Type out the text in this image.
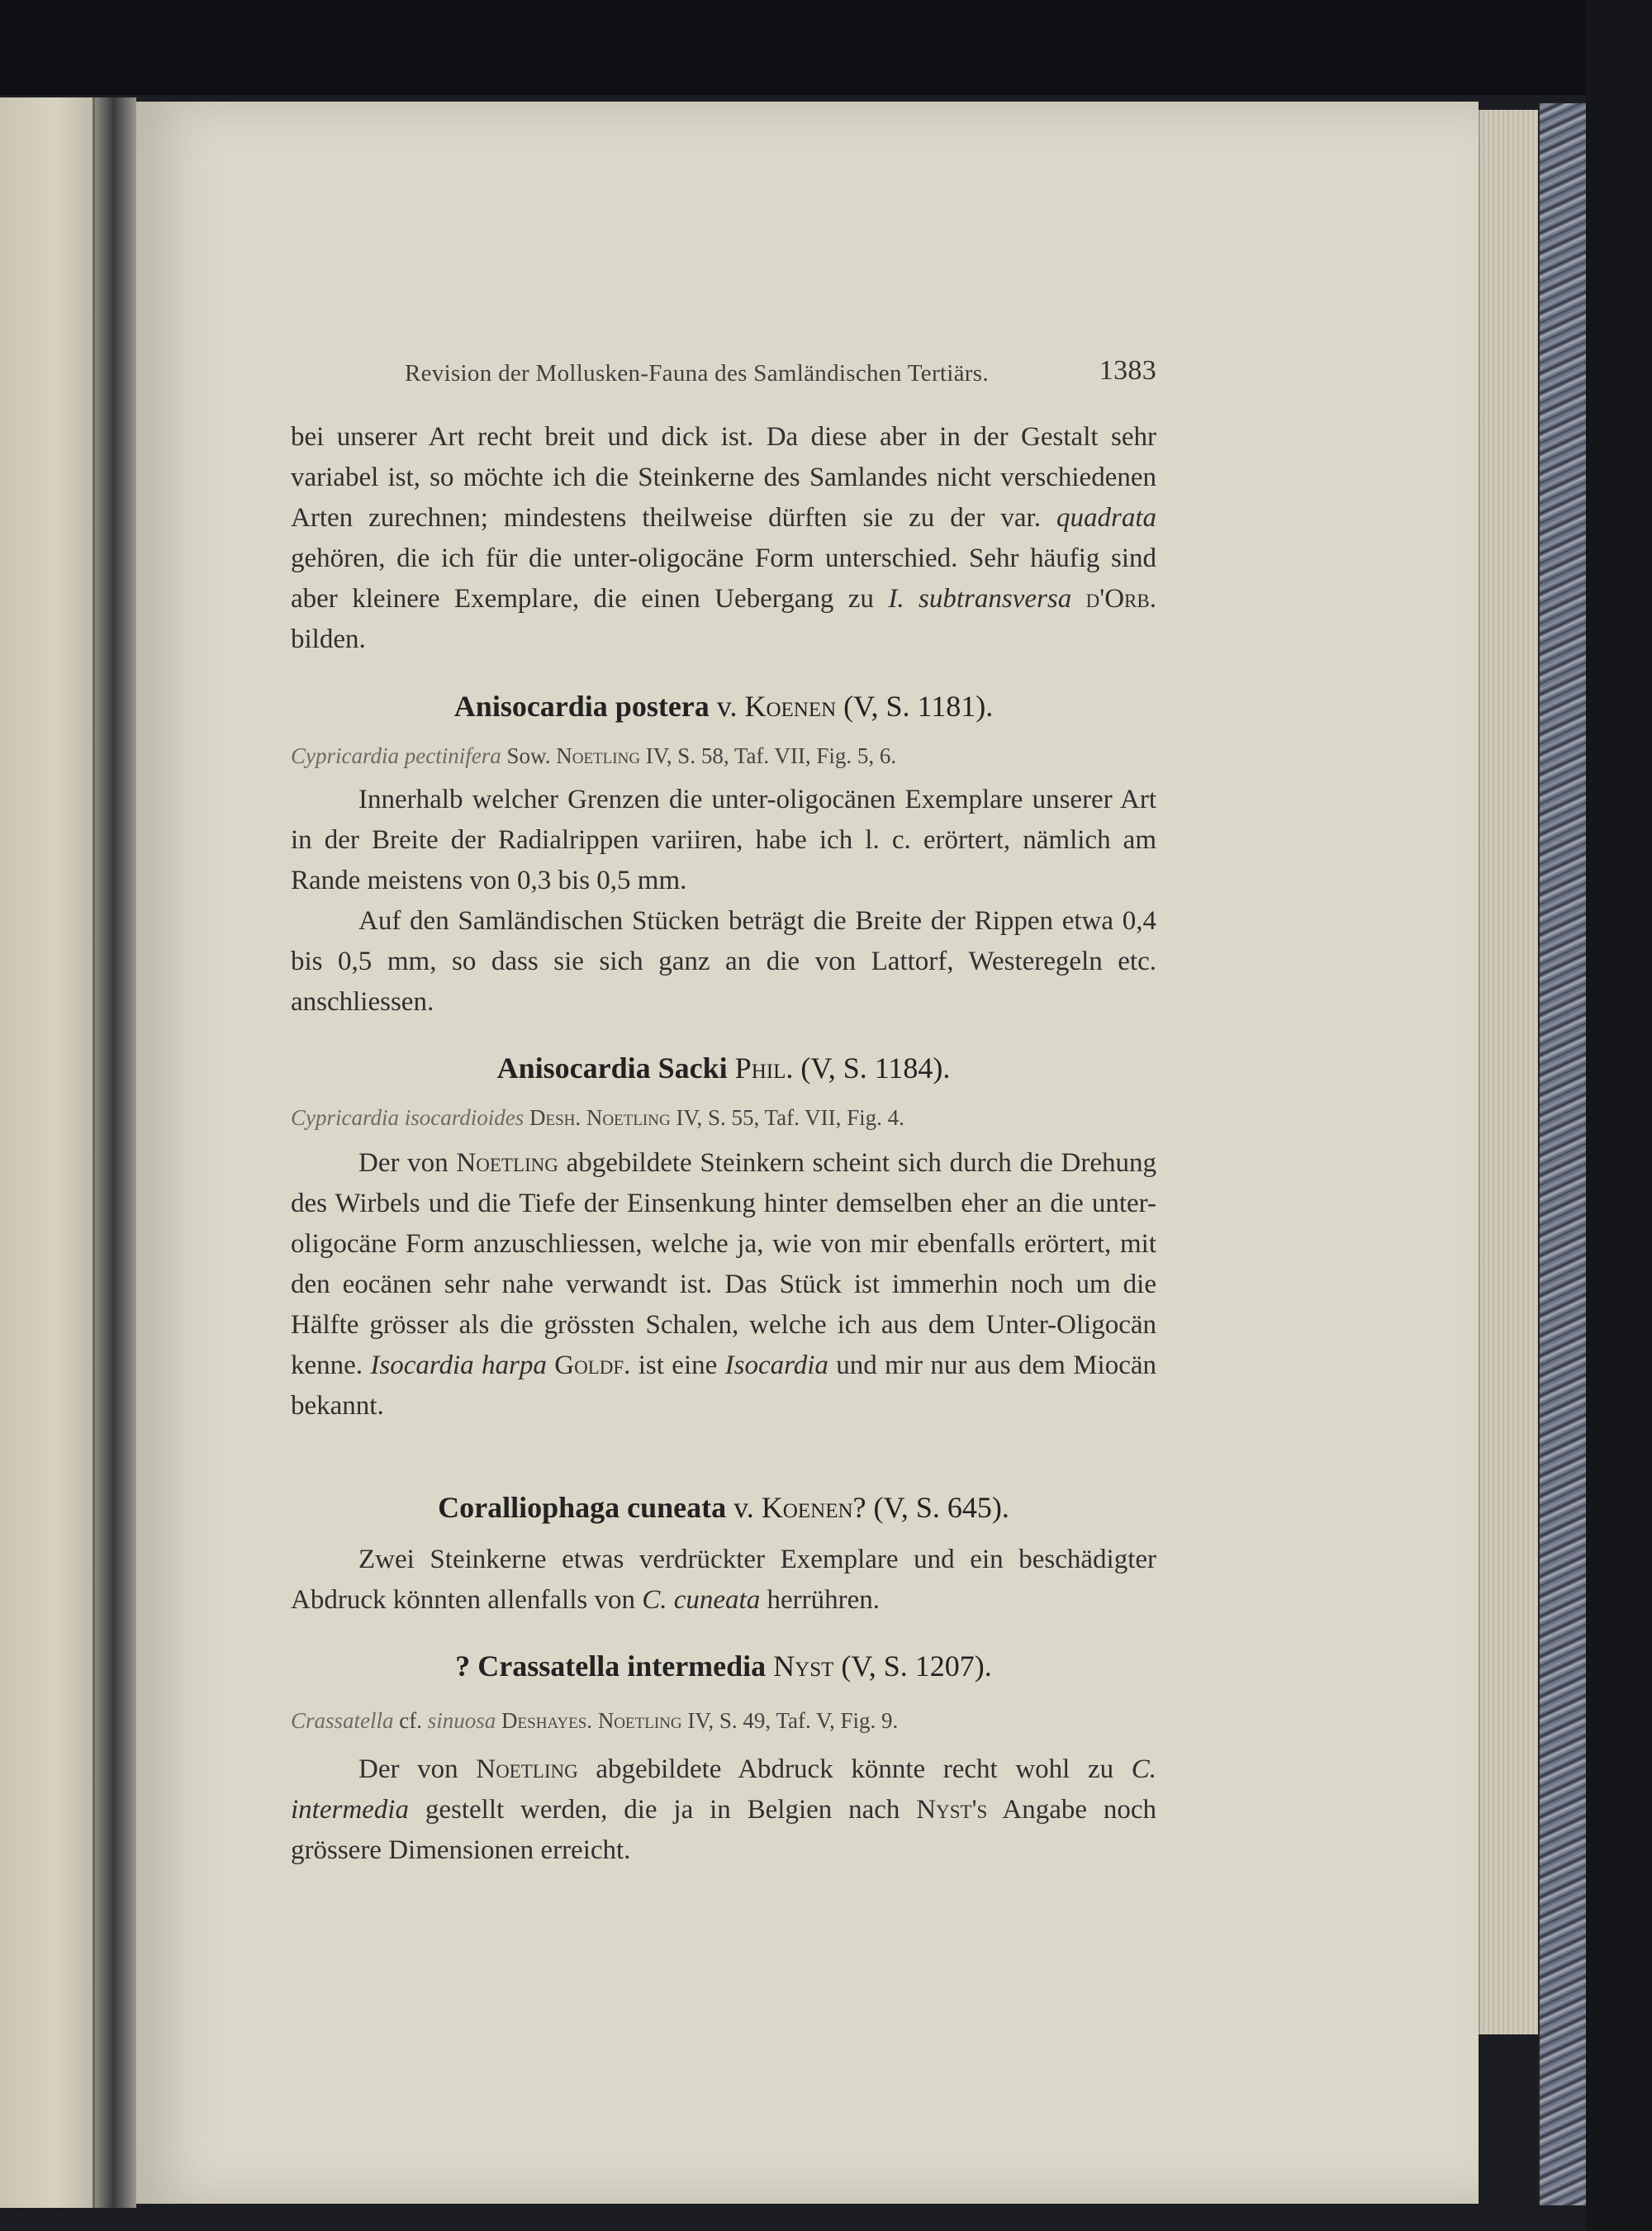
Revision der Mollusken-Fauna des Samländischen Tertiärs.	1383

bei unserer Art recht breit und dick ist. Da diese aber in der Gestalt sehr variabel ist, so möchte ich die Steinkerne des Samlandes nicht verschiedenen Arten zurechnen; mindestens theilweise dürften sie zu der var. quadrata gehören, die ich für die unter-oligocäne Form unterschied. Sehr häufig sind aber kleinere Exemplare, die einen Uebergang zu I. subtransversa d'Orb. bilden.

Anisocardia postera v. Koenen (V, S. 1181).
Cypricardia pectinifera Sow. Noetling IV, S. 58, Taf. VII, Fig. 5, 6.

Innerhalb welcher Grenzen die unter-oligocänen Exemplare unserer Art in der Breite der Radialrippen variiren, habe ich l. c. erörtert, nämlich am Rande meistens von 0,3 bis 0,5 mm.

Auf den Samländischen Stücken beträgt die Breite der Rippen etwa 0,4 bis 0,5 mm, so dass sie sich ganz an die von Lattorf, Westeregeln etc. anschliessen.

Anisocardia Sacki Phil. (V, S. 1184).
Cypricardia isocardioides Desh. Noetling IV, S. 55, Taf. VII, Fig. 4.

Der von Noetling abgebildete Steinkern scheint sich durch die Drehung des Wirbels und die Tiefe der Einsenkung hinter demselben eher an die unter-oligocäne Form anzuschliessen, welche ja, wie von mir ebenfalls erörtert, mit den eocänen sehr nahe verwandt ist. Das Stück ist immerhin noch um die Hälfte grösser als die grössten Schalen, welche ich aus dem Unter-Oligocän kenne. Isocardia harpa Goldf. ist eine Isocardia und mir nur aus dem Miocän bekannt.

Coralliophaga cuneata v. Koenen? (V, S. 645).

Zwei Steinkerne etwas verdrückter Exemplare und ein beschädigter Abdruck könnten allenfalls von C. cuneata herrühren.

? Crassatella intermedia Nyst (V, S. 1207).
Crassatella cf. sinuosa Deshayes. Noetling IV, S. 49, Taf. V, Fig. 9.

Der von Noetling abgebildete Abdruck könnte recht wohl zu C. intermedia gestellt werden, die ja in Belgien nach Nyst's Angabe noch grössere Dimensionen erreicht.
